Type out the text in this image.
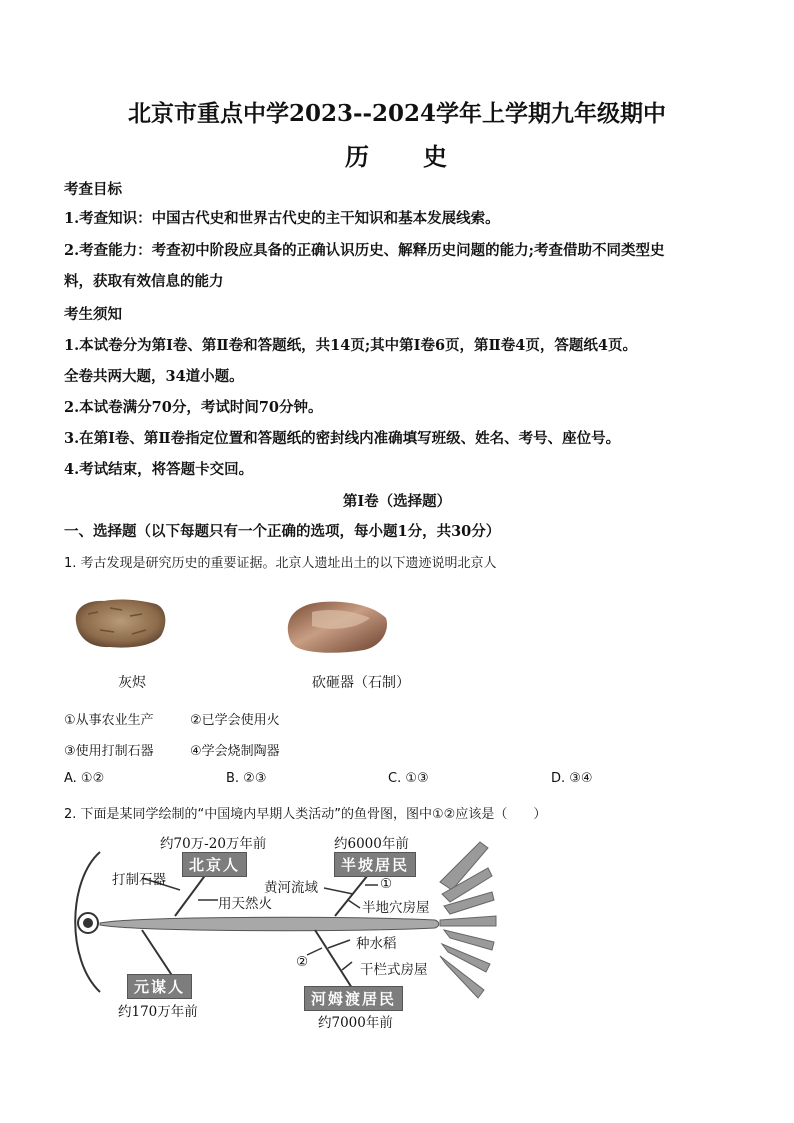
北京市重点中学2023--2024学年上学期九年级期中
历　　史
考查目标
1.考查知识：中国古代史和世界古代史的主干知识和基本发展线索。
2.考查能力：考查初中阶段应具备的正确认识历史、解释历史问题的能力;考查借助不同类型史
料，获取有效信息的能力
考生须知
1.本试卷分为第Ⅰ卷、第Ⅱ卷和答题纸，共14页;其中第Ⅰ卷6页，第Ⅱ卷4页，答题纸4页。
全卷共两大题，34道小题。
2.本试卷满分70分，考试时间70分钟。
3.在第Ⅰ卷、第Ⅱ卷指定位置和答题纸的密封线内准确填写班级、姓名、考号、座位号。
4.考试结束，将答题卡交回。
第Ⅰ卷（选择题）
一、选择题（以下每题只有一个正确的选项，每小题1分，共30分）
1. 考古发现是研究历史的重要证据。北京人遗址出土的以下遗迹说明北京人
灰烬	砍砸器（石制）
①从事农业生产	②已学会使用火
③使用打制石器	④学会烧制陶器
A. ①②	B. ②③	C. ①③	D. ③④
2. 下面是某同学绘制的“中国境内早期人类活动”的鱼骨图，图中①②应该是（　　）
约70万-20万年前
北京人
打制石器
用天然火
约6000年前
半坡居民
黄河流域	①
半地穴房屋
种水稻
②	干栏式房屋
元谋人
约170万年前
河姆渡居民
约7000年前
